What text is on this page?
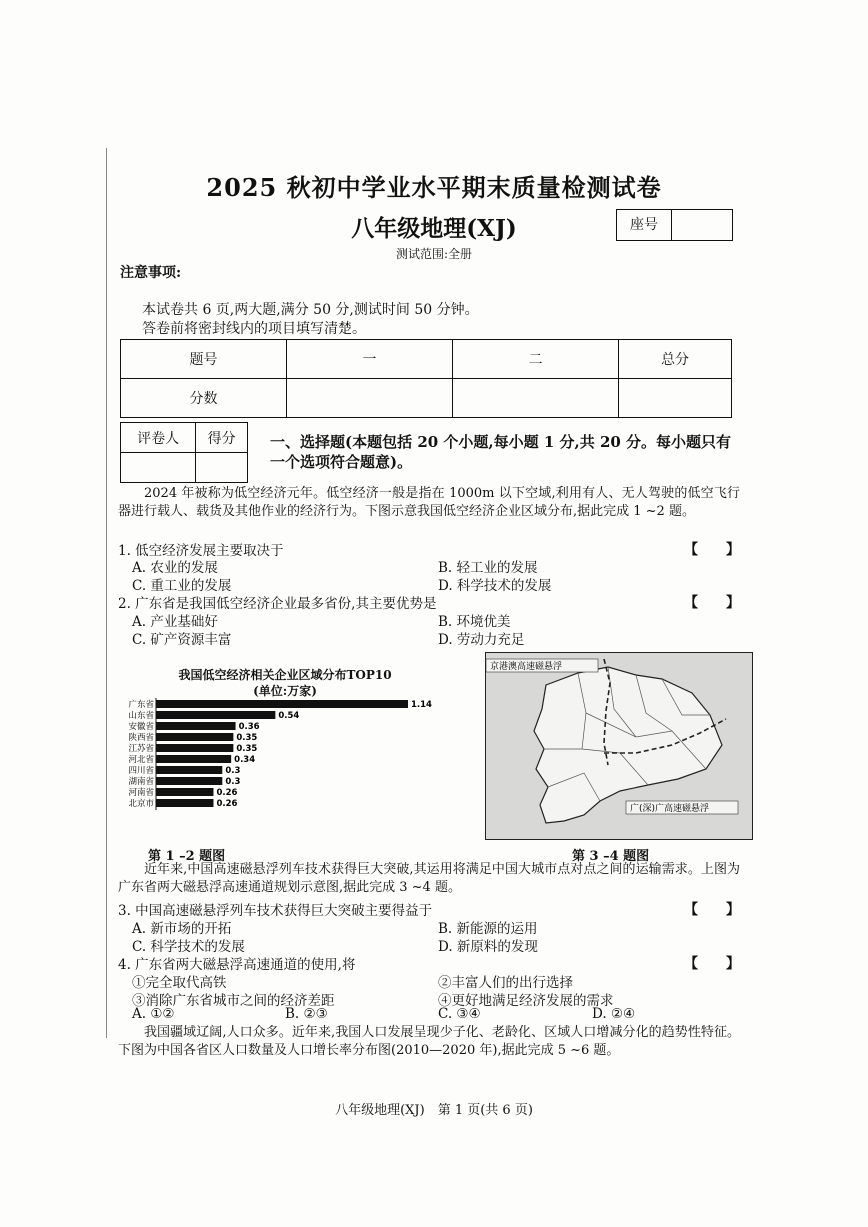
2025 秋初中学业水平期末质量检测试卷
八年级地理(XJ)	座号
测试范围:全册
注意事项:
本试卷共 6 页,两大题,满分 50 分,测试时间 50 分钟。
答卷前将密封线内的项目填写清楚。
题号	一	二	总分
分数			
评卷人	得分
	一、选择题(本题包括 20 个小题,每小题 1 分,共 20 分。每小题只有一个选项符合题意)。
2024 年被称为低空经济元年。低空经济一般是指在 1000m 以下空域,利用有人、无人驾驶的低空飞行器进行载人、载货及其他作业的经济行为。下图示意我国低空经济企业区域分布,据此完成 1 ~2 题。
1. 低空经济发展主要取决于	【　　】
A. 农业的发展	B. 轻工业的发展
C. 重工业的发展	D. 科学技术的发展
2. 广东省是我国低空经济企业最多省份,其主要优势是	【　　】
A. 产业基础好	B. 环境优美
C. 矿产资源丰富	D. 劳动力充足
我国低空经济相关企业区域分布TOP10
(单位:万家)
广东省	1.14
山东省	0.54
安徽省	0.36
陕西省	0.35
江苏省	0.35
河北省	0.34
四川省	0.3
湖南省	0.3
河南省	0.26
北京市	0.26
京港澳高速磁悬浮
广(深)广高速磁悬浮
第 1 –2 题图	第 3 –4 题图
近年来,中国高速磁悬浮列车技术获得巨大突破,其运用将满足中国大城市点对点之间的运输需求。上图为广东省两大磁悬浮高速通道规划示意图,据此完成 3 ~4 题。
3. 中国高速磁悬浮列车技术获得巨大突破主要得益于	【　　】
A. 新市场的开拓	B. 新能源的运用
C. 科学技术的发展	D. 新原料的发现
4. 广东省两大磁悬浮高速通道的使用,将	【　　】
①完全取代高铁	②丰富人们的出行选择
③消除广东省城市之间的经济差距	④更好地满足经济发展的需求
A. ①②	B. ②③	C. ③④	D. ②④
我国疆域辽阔,人口众多。近年来,我国人口发展呈现少子化、老龄化、区域人口增减分化的趋势性特征。下图为中国各省区人口数量及人口增长率分布图(2010—2020 年),据此完成 5 ~6 题。
八年级地理(XJ)　第 1 页(共 6 页)
